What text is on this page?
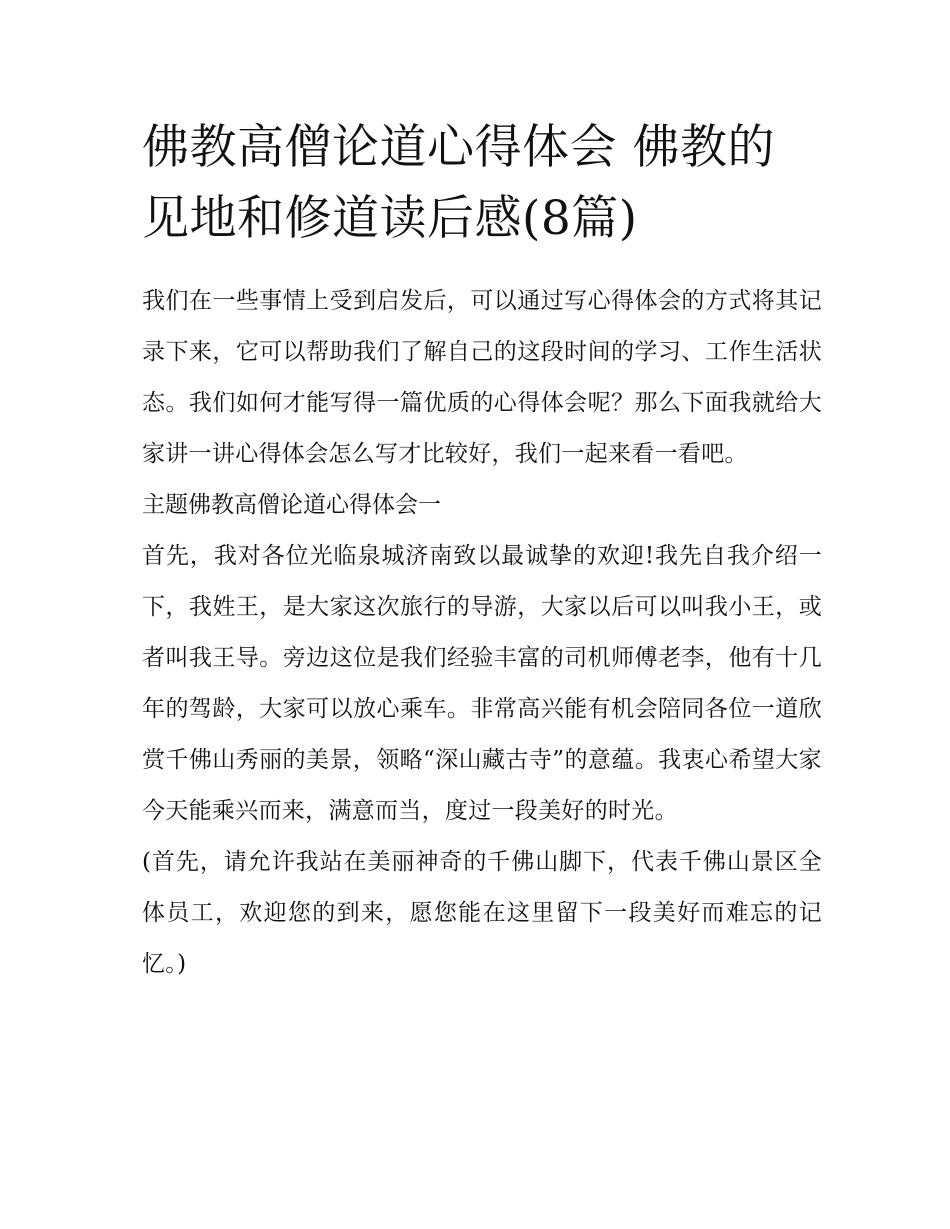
佛教高僧论道心得体会 佛教的见地和修道读后感(8篇)

我们在一些事情上受到启发后，可以通过写心得体会的方式将其记录下来，它可以帮助我们了解自己的这段时间的学习、工作生活状态。我们如何才能写得一篇优质的心得体会呢？那么下面我就给大家讲一讲心得体会怎么写才比较好，我们一起来看一看吧。

主题佛教高僧论道心得体会一

首先，我对各位光临泉城济南致以最诚挚的欢迎!我先自我介绍一下，我姓王，是大家这次旅行的导游，大家以后可以叫我小王，或者叫我王导。旁边这位是我们经验丰富的司机师傅老李，他有十几年的驾龄，大家可以放心乘车。非常高兴能有机会陪同各位一道欣赏千佛山秀丽的美景，领略“深山藏古寺”的意蕴。我衷心希望大家今天能乘兴而来，满意而当，度过一段美好的时光。

(首先，请允许我站在美丽神奇的千佛山脚下，代表千佛山景区全体员工，欢迎您的到来，愿您能在这里留下一段美好而难忘的记忆。)
